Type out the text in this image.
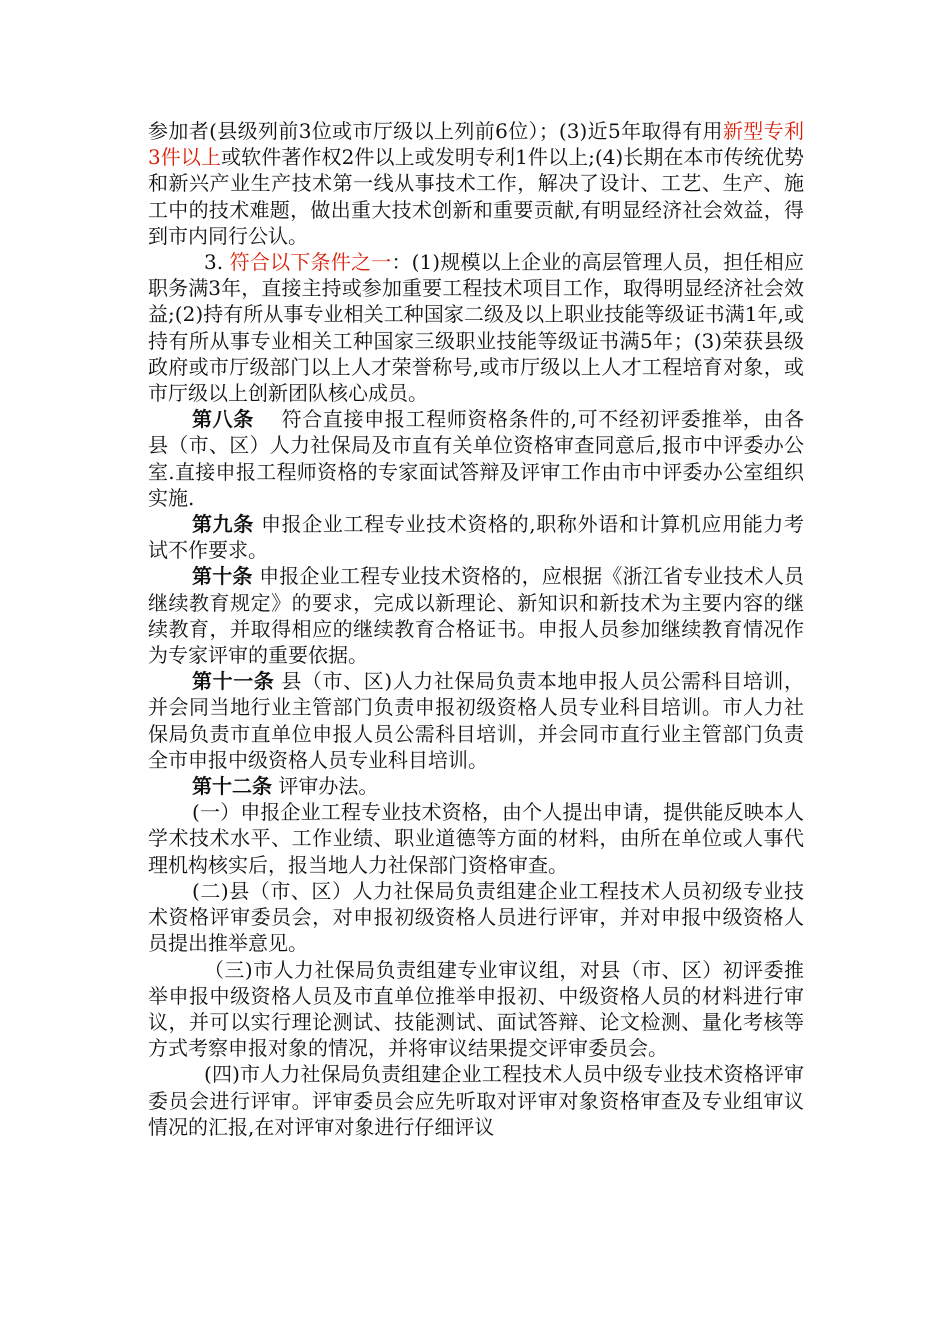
参加者(县级列前3位或市厅级以上列前6位）；(3)近5年取得有用新型专利3件以上或软件著作权2件以上或发明专利1件以上;(4)长期在本市传统优势和新兴产业生产技术第一线从事技术工作，解决了设计、工艺、生产、施工中的技术难题，做出重大技术创新和重要贡献,有明显经济社会效益，得到市内同行公认。

3. 符合以下条件之一：(1)规模以上企业的高层管理人员，担任相应职务满3年，直接主持或参加重要工程技术项目工作，取得明显经济社会效益;(2)持有所从事专业相关工种国家二级及以上职业技能等级证书满1年,或持有所从事专业相关工种国家三级职业技能等级证书满5年；(3)荣获县级政府或市厅级部门以上人才荣誉称号,或市厅级以上人才工程培育对象，或市厅级以上创新团队核心成员。

第八条　 符合直接申报工程师资格条件的,可不经初评委推举，由各县（市、区）人力社保局及市直有关单位资格审查同意后,报市中评委办公室.直接申报工程师资格的专家面试答辩及评审工作由市中评委办公室组织实施.

第九条 申报企业工程专业技术资格的,职称外语和计算机应用能力考试不作要求。

第十条 申报企业工程专业技术资格的，应根据《浙江省专业技术人员继续教育规定》的要求，完成以新理论、新知识和新技术为主要内容的继续教育，并取得相应的继续教育合格证书。申报人员参加继续教育情况作为专家评审的重要依据。

第十一条 县（市、区)人力社保局负责本地申报人员公需科目培训，并会同当地行业主管部门负责申报初级资格人员专业科目培训。市人力社保局负责市直单位申报人员公需科目培训，并会同市直行业主管部门负责全市申报中级资格人员专业科目培训。

第十二条 评审办法。

(一）申报企业工程专业技术资格，由个人提出申请，提供能反映本人学术技术水平、工作业绩、职业道德等方面的材料，由所在单位或人事代理机构核实后，报当地人力社保部门资格审查。

(二)县（市、区）人力社保局负责组建企业工程技术人员初级专业技术资格评审委员会，对申报初级资格人员进行评审，并对申报中级资格人员提出推举意见。

（三)市人力社保局负责组建专业审议组，对县（市、区）初评委推举申报中级资格人员及市直单位推举申报初、中级资格人员的材料进行审议，并可以实行理论测试、技能测试、面试答辩、论文检测、量化考核等方式考察申报对象的情况，并将审议结果提交评审委员会。

(四)市人力社保局负责组建企业工程技术人员中级专业技术资格评审委员会进行评审。评审委员会应先听取对评审对象资格审查及专业组审议情况的汇报,在对评审对象进行仔细评议
